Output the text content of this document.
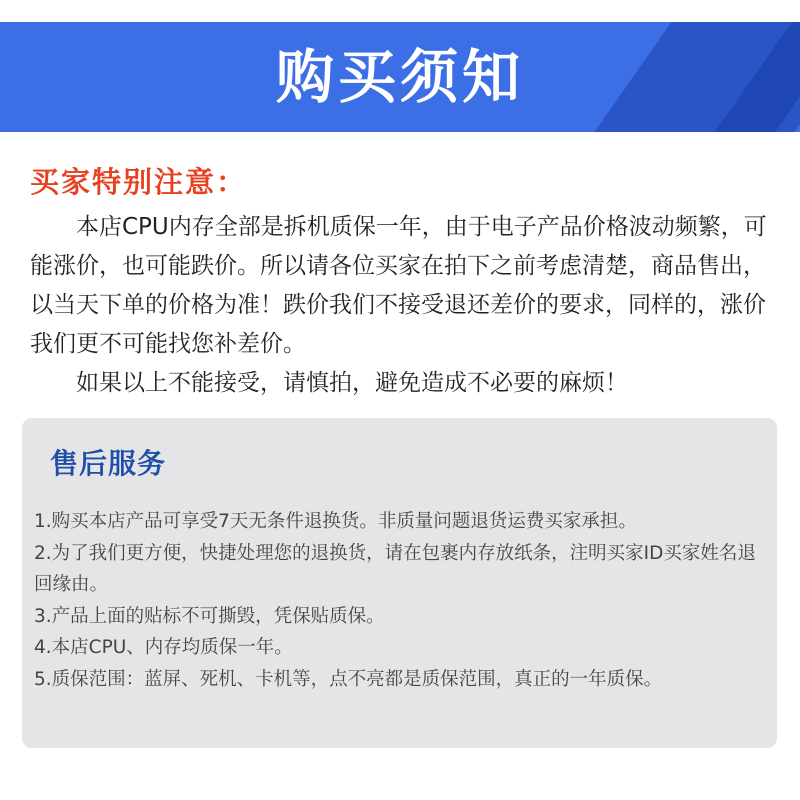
购买须知
买家特别注意：

本店CPU内存全部是拆机质保一年，由于电子产品价格波动频繁，可能涨价，也可能跌价。所以请各位买家在拍下之前考虑清楚，商品售出，以当天下单的价格为准！跌价我们不接受退还差价的要求，同样的，涨价我们更不可能找您补差价。

如果以上不能接受，请慎拍，避免造成不必要的麻烦！

售后服务
1.购买本店产品可享受7天无条件退换货。非质量问题退货运费买家承担。
2.为了我们更方便，快捷处理您的退换货，请在包裹内存放纸条，注明买家ID买家姓名退回缘由。
3.产品上面的贴标不可撕毁，凭保贴质保。
4.本店CPU、内存均质保一年。
5.质保范围：蓝屏、死机、卡机等，点不亮都是质保范围，真正的一年质保。
